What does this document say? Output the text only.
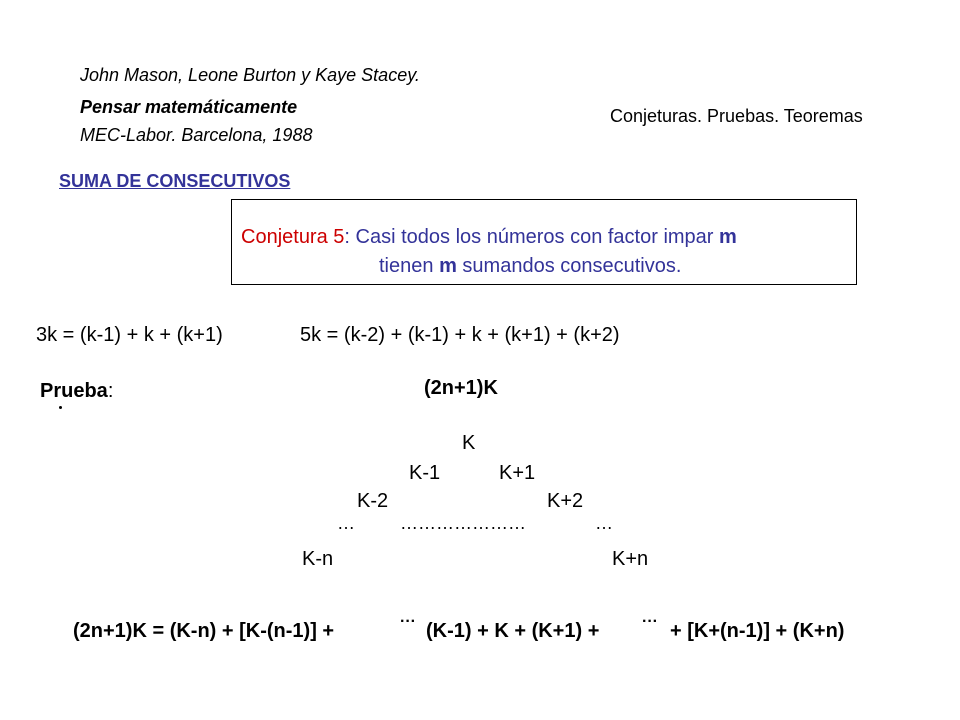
John Mason, Leone Burton y Kaye Stacey.
Pensar matemáticamente
MEC-Labor. Barcelona, 1988
Conjeturas. Pruebas. Teoremas
SUMA DE CONSECUTIVOS
Conjetura 5: Casi todos los números con factor impar m
tienen m sumandos consecutivos.
3k = (k-1) + k + (k+1)	5k = (k-2) + (k-1) + k + (k+1) + (k+2)
Prueba:	(2n+1)K
K
K-1	K+1
K-2	K+2
…	…………………	…
K-n	K+n
(2n+1)K = (K-n) + [K-(n-1)] +	··· (K-1) + K + (K+1) +	··· + [K+(n-1)] + (K+n)
